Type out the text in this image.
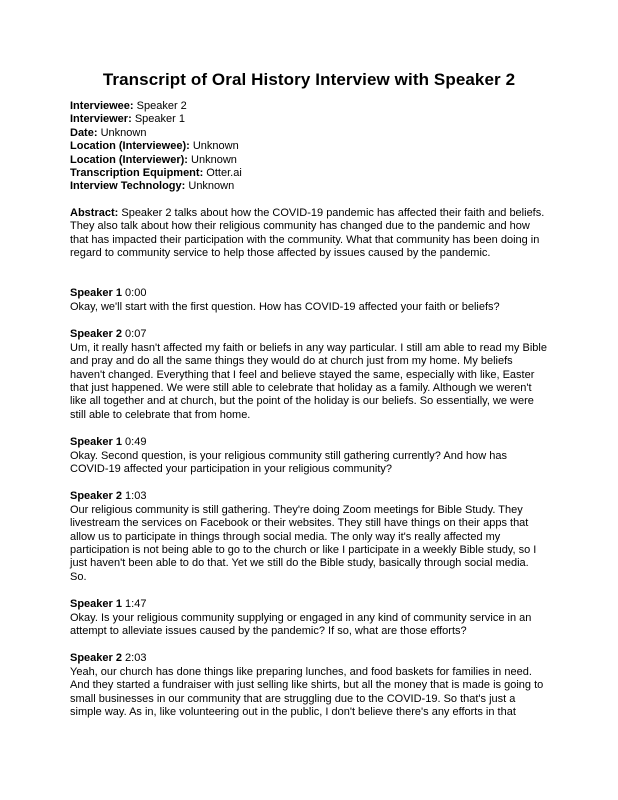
Transcript of Oral History Interview with Speaker 2
Interviewee: Speaker 2
Interviewer: Speaker 1
Date: Unknown
Location (Interviewee): Unknown
Location (Interviewer): Unknown
Transcription Equipment: Otter.ai
Interview Technology: Unknown

Abstract: Speaker 2 talks about how the COVID-19 pandemic has affected their faith and beliefs. They also talk about how their religious community has changed due to the pandemic and how that has impacted their participation with the community. What that community has been doing in regard to community service to help those affected by issues caused by the pandemic.

Speaker 1 0:00
Okay, we'll start with the first question. How has COVID-19 affected your faith or beliefs?
Speaker 2 0:07
Um, it really hasn't affected my faith or beliefs in any way particular. I still am able to read my Bible and pray and do all the same things they would do at church just from my home. My beliefs haven't changed. Everything that I feel and believe stayed the same, especially with like, Easter that just happened. We were still able to celebrate that holiday as a family. Although we weren't like all together and at church, but the point of the holiday is our beliefs. So essentially, we were still able to celebrate that from home.
Speaker 1 0:49
Okay. Second question, is your religious community still gathering currently? And how has COVID-19 affected your participation in your religious community?
Speaker 2 1:03
Our religious community is still gathering. They're doing Zoom meetings for Bible Study. They livestream the services on Facebook or their websites. They still have things on their apps that allow us to participate in things through social media. The only way it's really affected my participation is not being able to go to the church or like I participate in a weekly Bible study, so I just haven't been able to do that. Yet we still do the Bible study, basically through social media. So.
Speaker 1 1:47
Okay. Is your religious community supplying or engaged in any kind of community service in an attempt to alleviate issues caused by the pandemic? If so, what are those efforts?
Speaker 2 2:03
Yeah, our church has done things like preparing lunches, and food baskets for families in need. And they started a fundraiser with just selling like shirts, but all the money that is made is going to small businesses in our community that are struggling due to the COVID-19. So that's just a simple way. As in, like volunteering out in the public, I don't believe there's any efforts in that
